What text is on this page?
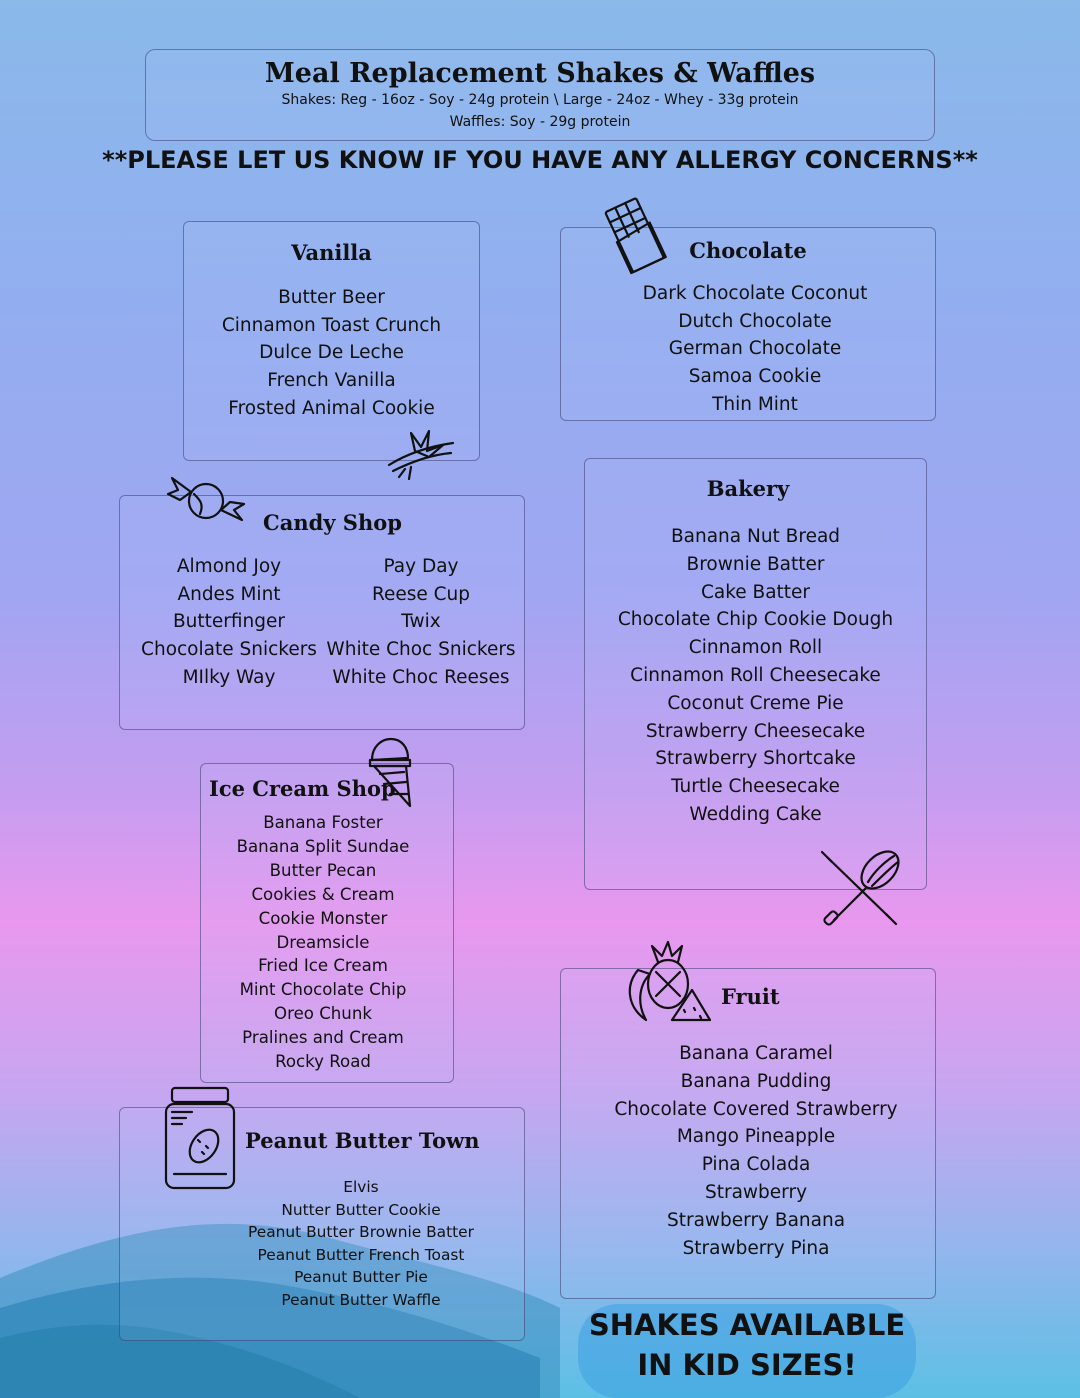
Meal Replacement Shakes & Waffles
Shakes: Reg - 16oz - Soy - 24g protein \ Large - 24oz - Whey - 33g protein
Waffles: Soy - 29g protein
**PLEASE LET US KNOW IF YOU HAVE ANY ALLERGY CONCERNS**
Vanilla
Butter Beer
Cinnamon Toast Crunch
Dulce De Leche
French Vanilla
Frosted Animal Cookie
Chocolate
Dark Chocolate Coconut
Dutch Chocolate
German Chocolate
Samoa Cookie
Thin Mint
Candy Shop
Almond Joy
Andes Mint
Butterfinger
Chocolate Snickers
MIlky Way
Pay Day
Reese Cup
Twix
White Choc Snickers
White Choc Reeses
Bakery
Banana Nut Bread
Brownie Batter
Cake Batter
Chocolate Chip Cookie Dough
Cinnamon Roll
Cinnamon Roll Cheesecake
Coconut Creme Pie
Strawberry Cheesecake
Strawberry Shortcake
Turtle Cheesecake
Wedding Cake
Ice Cream Shop
Banana Foster
Banana Split Sundae
Butter Pecan
Cookies & Cream
Cookie Monster
Dreamsicle
Fried Ice Cream
Mint Chocolate Chip
Oreo Chunk
Pralines and Cream
Rocky Road
Fruit
Banana Caramel
Banana Pudding
Chocolate Covered Strawberry
Mango Pineapple
Pina Colada
Strawberry
Strawberry Banana
Strawberry Pina
Peanut Butter Town
Elvis
Nutter Butter Cookie
Peanut Butter Brownie Batter
Peanut Butter French Toast
Peanut Butter Pie
Peanut Butter Waffle
SHAKES AVAILABLE
IN KID SIZES!
